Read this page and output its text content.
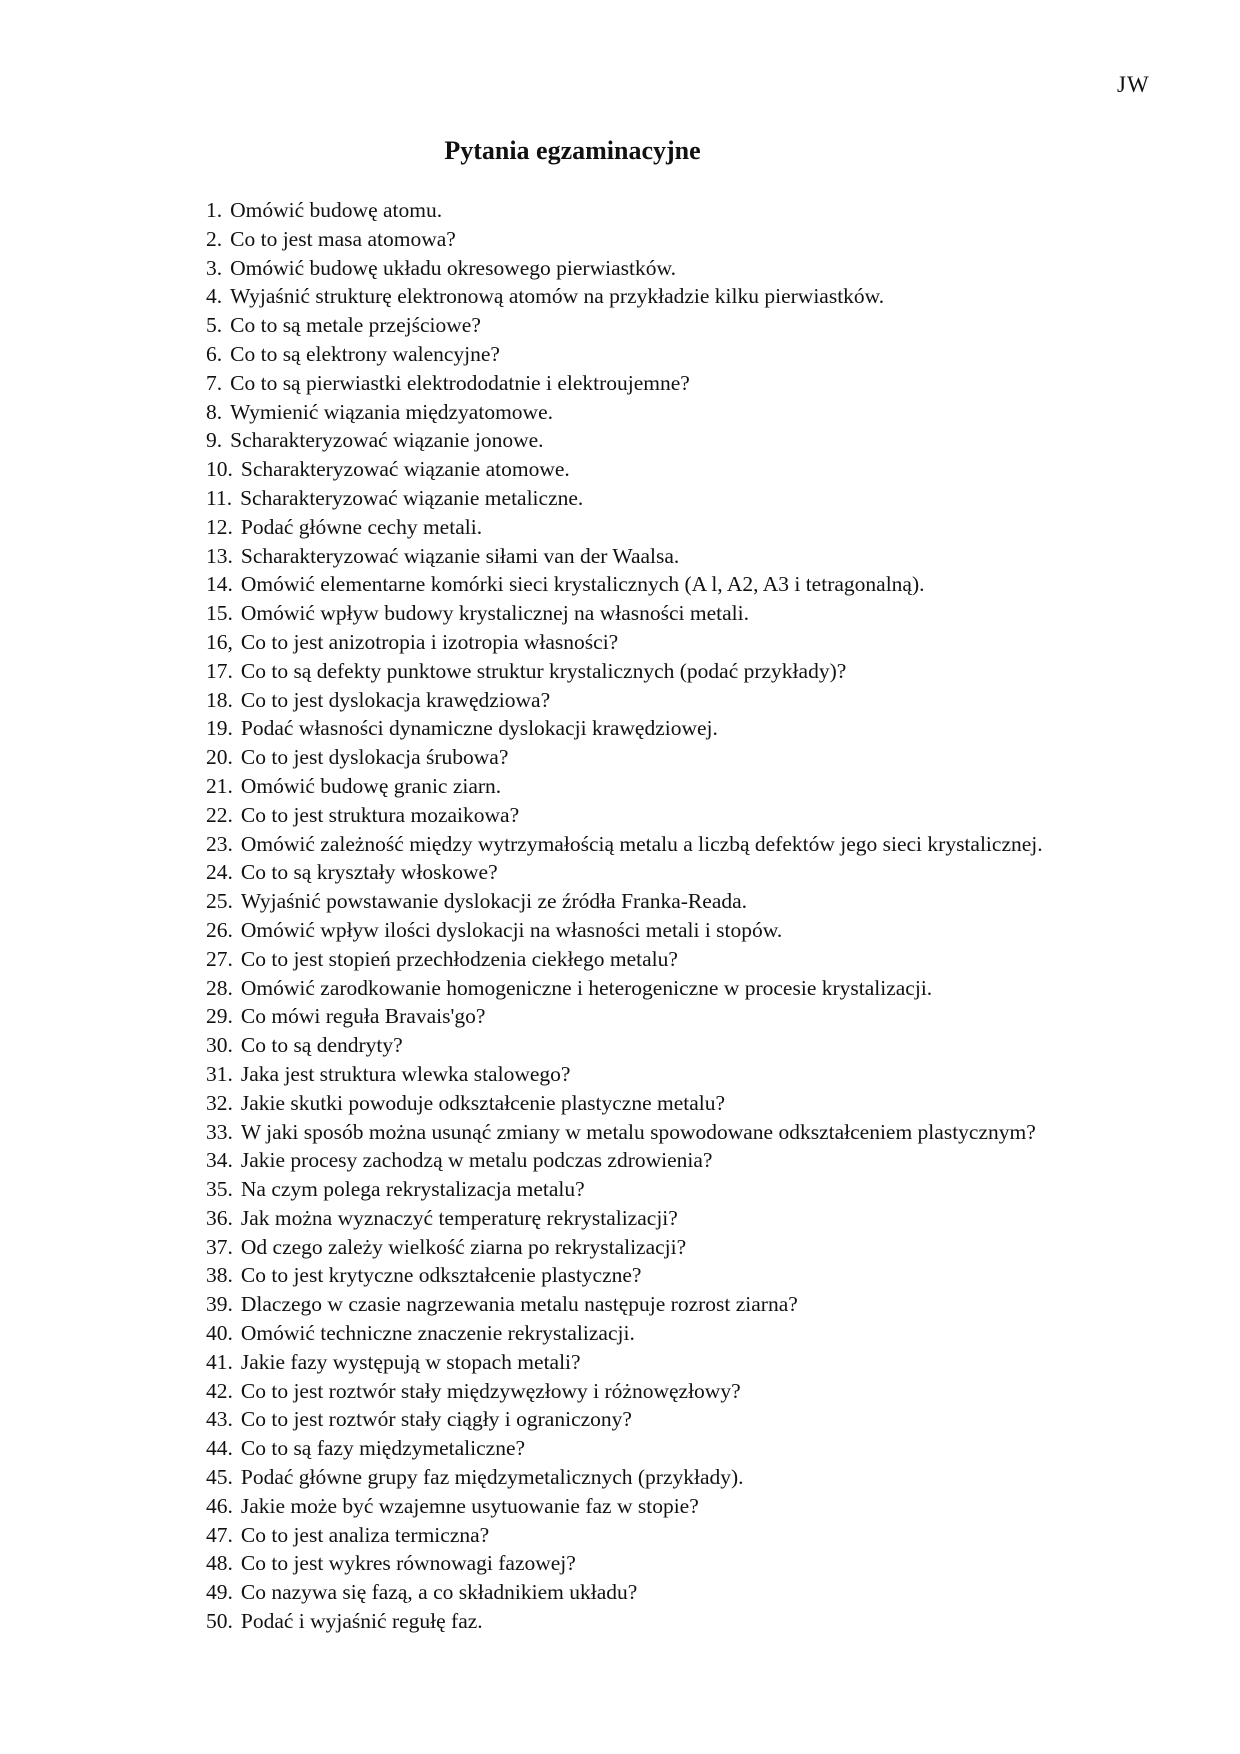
JW
Pytania egzaminacyjne
1. Omówić budowę atomu.
2. Co to jest masa atomowa?
3. Omówić budowę układu okresowego pierwiastków.
4. Wyjaśnić strukturę elektronową atomów na przykładzie kilku pierwiastków.
5. Co to są metale przejściowe?
6. Co to są elektrony walencyjne?
7. Co to są pierwiastki elektrododatnie i elektroujemne?
8. Wymienić wiązania międzyatomowe.
9. Scharakteryzować wiązanie jonowe.
10. Scharakteryzować wiązanie atomowe.
11. Scharakteryzować wiązanie metaliczne.
12. Podać główne cechy metali.
13. Scharakteryzować wiązanie siłami van der Waalsa.
14. Omówić elementarne komórki sieci krystalicznych (A l, A2, A3 i tetragonalną).
15. Omówić wpływ budowy krystalicznej na własności metali.
16, Co to jest anizotropia i izotropia własności?
17. Co to są defekty punktowe struktur krystalicznych (podać przykłady)?
18. Co to jest dyslokacja krawędziowa?
19. Podać własności dynamiczne dyslokacji krawędziowej.
20. Co to jest dyslokacja śrubowa?
21. Omówić budowę granic ziarn.
22. Co to jest struktura mozaikowa?
23. Omówić zależność między wytrzymałością metalu a liczbą defektów jego sieci krystalicznej.
24. Co to są kryształy włoskowe?
25. Wyjaśnić powstawanie dyslokacji ze źródła Franka-Reada.
26. Omówić wpływ ilości dyslokacji na własności metali i stopów.
27. Co to jest stopień przechłodzenia ciekłego metalu?
28. Omówić zarodkowanie homogeniczne i heterogeniczne w procesie krystalizacji.
29. Co mówi reguła Bravais'go?
30. Co to są dendryty?
31. Jaka jest struktura wlewka stalowego?
32. Jakie skutki powoduje odkształcenie plastyczne metalu?
33. W jaki sposób można usunąć zmiany w metalu spowodowane odkształceniem plastycznym?
34. Jakie procesy zachodzą w metalu podczas zdrowienia?
35. Na czym polega rekrystalizacja metalu?
36. Jak można wyznaczyć temperaturę rekrystalizacji?
37. Od czego zależy wielkość ziarna po rekrystalizacji?
38. Co to jest krytyczne odkształcenie plastyczne?
39. Dlaczego w czasie nagrzewania metalu następuje rozrost ziarna?
40. Omówić techniczne znaczenie rekrystalizacji.
41. Jakie fazy występują w stopach metali?
42. Co to jest roztwór stały międzywęzłowy i różnowęzłowy?
43. Co to jest roztwór stały ciągły i ograniczony?
44. Co to są fazy międzymetaliczne?
45. Podać główne grupy faz międzymetalicznych (przykłady).
46. Jakie może być wzajemne usytuowanie faz w stopie?
47. Co to jest analiza termiczna?
48. Co to jest wykres równowagi fazowej?
49. Co nazywa się fazą, a co składnikiem układu?
50. Podać i wyjaśnić regułę faz.
